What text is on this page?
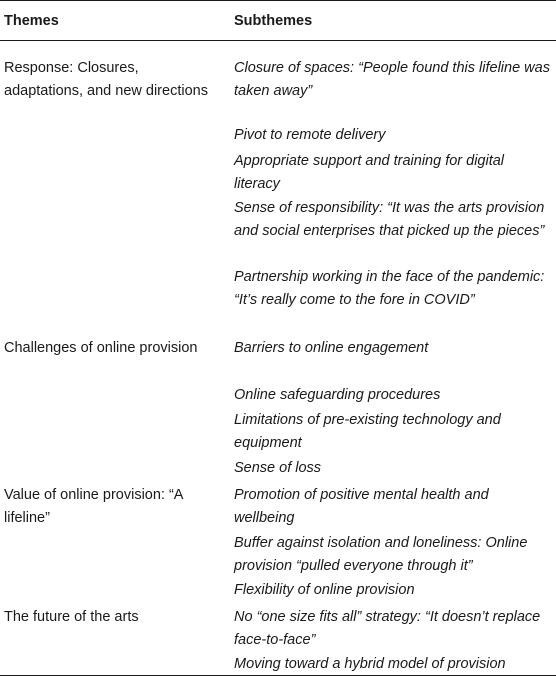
Themes	Subthemes
Response: Closures, adaptations, and new directions
Challenges of online provision
Value of online provision: “A lifeline”
The future of the arts
Closure of spaces: “People found this lifeline was taken away”
Pivot to remote delivery
Appropriate support and training for digital literacy
Sense of responsibility: “It was the arts provision and social enterprises that picked up the pieces”
Partnership working in the face of the pandemic: “It’s really come to the fore in COVID”
Barriers to online engagement
Online safeguarding procedures
Limitations of pre-existing technology and equipment
Sense of loss
Promotion of positive mental health and wellbeing
Buffer against isolation and loneliness: Online provision “pulled everyone through it”
Flexibility of online provision
No “one size fits all” strategy: “It doesn’t replace face-to-face”
Moving toward a hybrid model of provision
